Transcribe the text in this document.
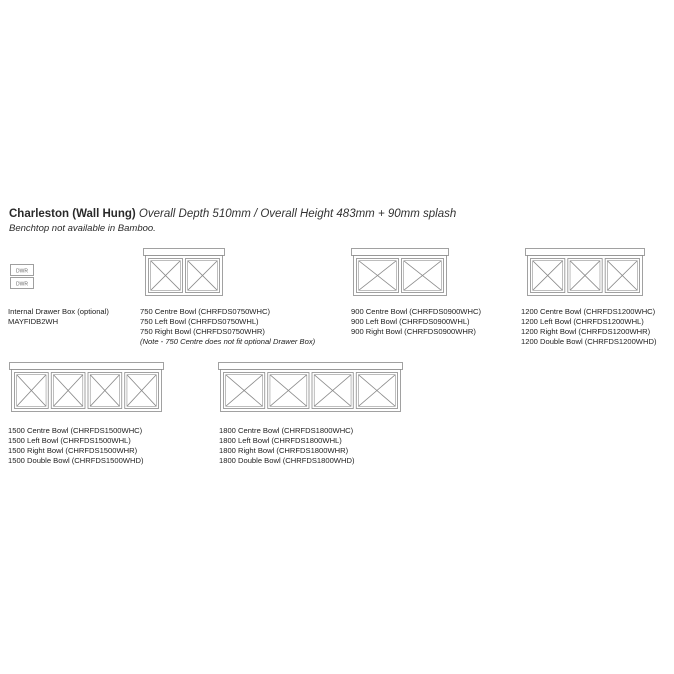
Charleston (Wall Hung) Overall Depth 510mm / Overall Height 483mm + 90mm splash
Benchtop not available in Bamboo.
DWR
DWR
Internal Drawer Box (optional)
MAYFIDB2WH
750 Centre Bowl (CHRFDS0750WHC)
750 Left Bowl (CHRFDS0750WHL)
750 Right Bowl (CHRFDS0750WHR)
(Note - 750 Centre does not fit optional Drawer Box)
900 Centre Bowl (CHRFDS0900WHC)
900 Left Bowl (CHRFDS0900WHL)
900 Right Bowl (CHRFDS0900WHR)
1200 Centre Bowl (CHRFDS1200WHC)
1200 Left Bowl (CHRFDS1200WHL)
1200 Right Bowl (CHRFDS1200WHR)
1200 Double Bowl (CHRFDS1200WHD)
1500 Centre Bowl (CHRFDS1500WHC)
1500 Left Bowl (CHRFDS1500WHL)
1500 Right Bowl (CHRFDS1500WHR)
1500 Double Bowl (CHRFDS1500WHD)
1800 Centre Bowl (CHRFDS1800WHC)
1800 Left Bowl (CHRFDS1800WHL)
1800 Right Bowl (CHRFDS1800WHR)
1800 Double Bowl (CHRFDS1800WHD)
